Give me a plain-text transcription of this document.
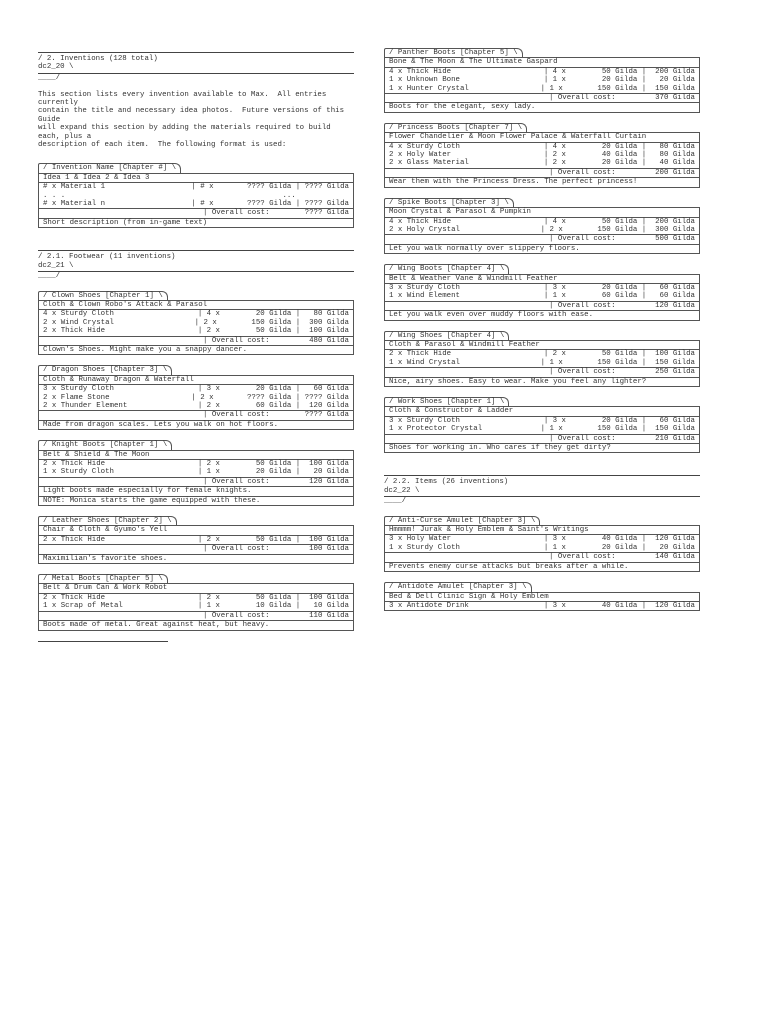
/ 2. Inventions (128 total)
dc2_20 \
____/
This section lists every invention available to Max.  All entries currently
contain the title and necessary idea photos.  Future versions of this Guide
will expand this section by adding the materials required to build each, plus a
description of each item.  The following format is used:
/ Invention Name [Chapter #] \
Idea 1 & Idea 2 & Idea 3
# x Material 1	| # x	???? Gilda | ???? Gilda
. . .	...
# x Material n	| # x	???? Gilda | ???? Gilda
| Overall cost:	???? Gilda
Short description (from in-game text)
/ 2.1. Footwear (11 inventions)
dc2_21 \
____/
/ Clown Shoes [Chapter 1] \
Cloth & Clown Robo's Attack & Parasol
4 x Sturdy Cloth	| 4 x	20 Gilda |   80 Gilda
2 x Wind Crystal	| 2 x	150 Gilda |  300 Gilda
2 x Thick Hide	| 2 x	50 Gilda |  100 Gilda
| Overall cost:	480 Gilda
Clown's Shoes. Might make you a snappy dancer.
/ Dragon Shoes [Chapter 3] \
Cloth & Runaway Dragon & Waterfall
3 x Sturdy Cloth	| 3 x	20 Gilda |   60 Gilda
2 x Flame Stone	| 2 x	???? Gilda | ???? Gilda
2 x Thunder Element	| 2 x	60 Gilda |  120 Gilda
| Overall cost:	???? Gilda
Made from dragon scales. Lets you walk on hot floors.
/ Knight Boots [Chapter 1] \
Belt & Shield & The Moon
2 x Thick Hide	| 2 x	50 Gilda |  100 Gilda
1 x Sturdy Cloth	| 1 x	20 Gilda |   20 Gilda
| Overall cost:	120 Gilda
Light boots made especially for female knights.
NOTE: Monica starts the game equipped with these.
/ Leather Shoes [Chapter 2] \
Chair & Cloth & Gyumo's Yell
2 x Thick Hide	| 2 x	50 Gilda |  100 Gilda
| Overall cost:	100 Gilda
Maximilian's favorite shoes.
/ Metal Boots [Chapter 5] \
Belt & Drum Can & Work Robot
2 x Thick Hide	| 2 x	50 Gilda |  100 Gilda
1 x Scrap of Metal	| 1 x	10 Gilda |   10 Gilda
| Overall cost:	110 Gilda
Boots made of metal. Great against heat, but heavy.
/ Panther Boots [Chapter 5] \
Bone & The Moon & The Ultimate Gaspard
4 x Thick Hide	| 4 x	50 Gilda |  200 Gilda
1 x Unknown Bone	| 1 x	20 Gilda |   20 Gilda
1 x Hunter Crystal	| 1 x	150 Gilda |  150 Gilda
| Overall cost:	370 Gilda
Boots for the elegant, sexy lady.
/ Princess Boots [Chapter 7] \
Flower Chandelier & Moon Flower Palace & Waterfall Curtain
4 x Sturdy Cloth	| 4 x	20 Gilda |   80 Gilda
2 x Holy Water	| 2 x	40 Gilda |   80 Gilda
2 x Glass Material	| 2 x	20 Gilda |   40 Gilda
| Overall cost:	200 Gilda
Wear them with the Princess Dress. The perfect princess!
/ Spike Boots [Chapter 3] \
Moon Crystal & Parasol & Pumpkin
4 x Thick Hide	| 4 x	50 Gilda |  200 Gilda
2 x Holy Crystal	| 2 x	150 Gilda |  300 Gilda
| Overall cost:	500 Gilda
Let you walk normally over slippery floors.
/ Wing Boots [Chapter 4] \
Belt & Weather Vane & Windmill Feather
3 x Sturdy Cloth	| 3 x	20 Gilda |   60 Gilda
1 x Wind Element	| 1 x	60 Gilda |   60 Gilda
| Overall cost:	120 Gilda
Let you walk even over muddy floors with ease.
/ Wing Shoes [Chapter 4] \
Cloth & Parasol & Windmill Feather
2 x Thick Hide	| 2 x	50 Gilda |  100 Gilda
1 x Wind Crystal	| 1 x	150 Gilda |  150 Gilda
| Overall cost:	250 Gilda
Nice, airy shoes. Easy to wear. Make you feel any lighter?
/ Work Shoes [Chapter 1] \
Cloth & Constructor & Ladder
3 x Sturdy Cloth	| 3 x	20 Gilda |   60 Gilda
1 x Protector Crystal	| 1 x	150 Gilda |  150 Gilda
| Overall cost:	210 Gilda
Shoes for working in. Who cares if they get dirty?
/ 2.2. Items (26 inventions)
dc2_22 \
____/
/ Anti-Curse Amulet [Chapter 3] \
Hmmmm! Jurak & Holy Emblem & Saint's Writings
3 x Holy Water	| 3 x	40 Gilda |  120 Gilda
1 x Sturdy Cloth	| 1 x	20 Gilda |   20 Gilda
| Overall cost:	140 Gilda
Prevents enemy curse attacks but breaks after a while.
/ Antidote Amulet [Chapter 3] \
Bed & Dell Clinic Sign & Holy Emblem
3 x Antidote Drink	| 3 x	40 Gilda |  120 Gilda
